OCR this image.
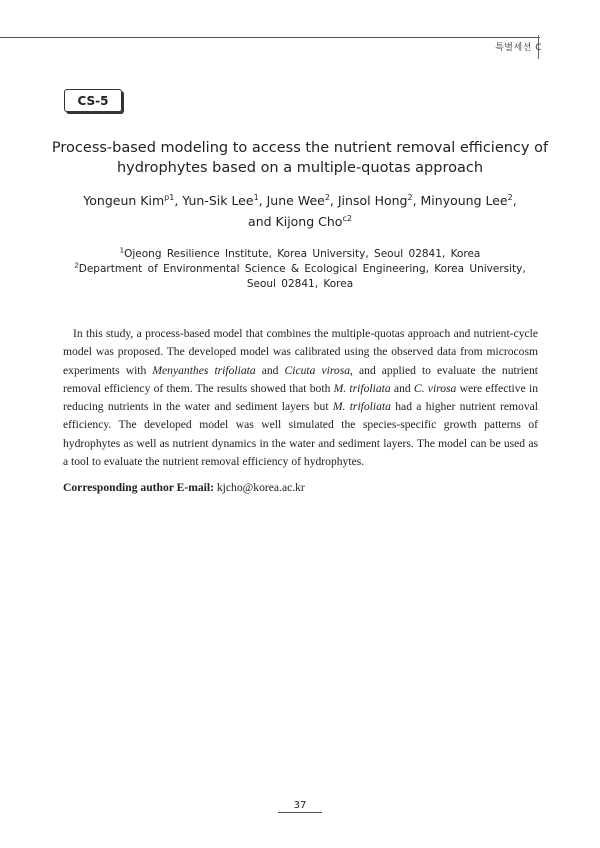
특별세션 C
CS-5
Process-based modeling to access the nutrient removal efficiency of
hydrophytes based on a multiple-quotas approach
Yongeun Kim$^{p1}$, Yun-Sik Lee$^1$, June Wee$^2$, Jinsol Hong$^2$, Minyoung Lee$^2$,
and Kijong Cho$^{c2}$
$^1$Ojeong Resilience Institute, Korea University, Seoul 02841, Korea
$^2$Department of Environmental Science & Ecological Engineering, Korea University,
Seoul 02841, Korea

In this study, a process-based model that combines the multiple-quotas approach and nutrient-cycle model was proposed. The developed model was calibrated using the observed data from microcosm experiments with Menyanthes trifoliata and Cicuta virosa, and applied to evaluate the nutrient removal efficiency of them. The results showed that both M. trifoliata and C. virosa were effective in reducing nutrients in the water and sediment layers but M. trifoliata had a higher nutrient removal efficiency. The developed model was well simulated the species-specific growth patterns of hydrophytes as well as nutrient dynamics in the water and sediment layers. The model can be used as a tool to evaluate the nutrient removal efficiency of hydrophytes.

Corresponding author E-mail: kjcho@korea.ac.kr
37
